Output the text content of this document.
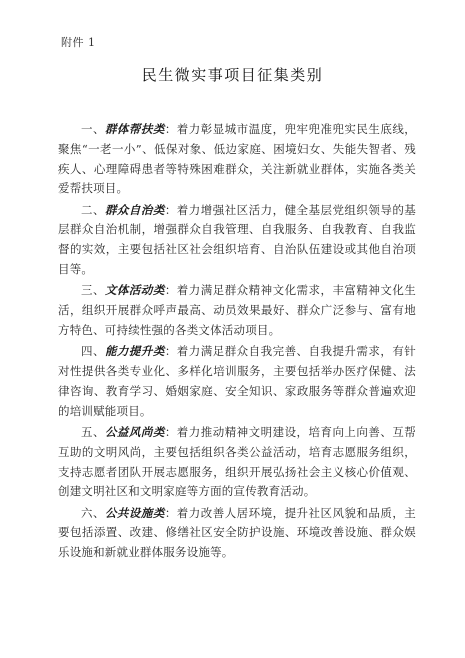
附件 1
民生微实事项目征集类别

一、群体帮扶类：着力彰显城市温度，兜牢兜准兜实民生底线，聚焦“一老一小”、低保对象、低边家庭、困境妇女、失能失智者、残疾人、心理障碍患者等特殊困难群众，关注新就业群体，实施各类关爱帮扶项目。

二、群众自治类：着力增强社区活力，健全基层党组织领导的基层群众自治机制，增强群众自我管理、自我服务、自我教育、自我监督的实效，主要包括社区社会组织培育、自治队伍建设或其他自治项目等。

三、文体活动类：着力满足群众精神文化需求，丰富精神文化生活，组织开展群众呼声最高、动员效果最好、群众广泛参与、富有地方特色、可持续性强的各类文体活动项目。

四、能力提升类：着力满足群众自我完善、自我提升需求，有针对性提供各类专业化、多样化培训服务，主要包括举办医疗保健、法律咨询、教育学习、婚姻家庭、安全知识、家政服务等群众普遍欢迎的培训赋能项目。

五、公益风尚类：着力推动精神文明建设，培育向上向善、互帮互助的文明风尚，主要包括组织各类公益活动，培育志愿服务组织，支持志愿者团队开展志愿服务，组织开展弘扬社会主义核心价值观、创建文明社区和文明家庭等方面的宣传教育活动。

六、公共设施类：着力改善人居环境，提升社区风貌和品质，主要包括添置、改建、修缮社区安全防护设施、环境改善设施、群众娱乐设施和新就业群体服务设施等。
